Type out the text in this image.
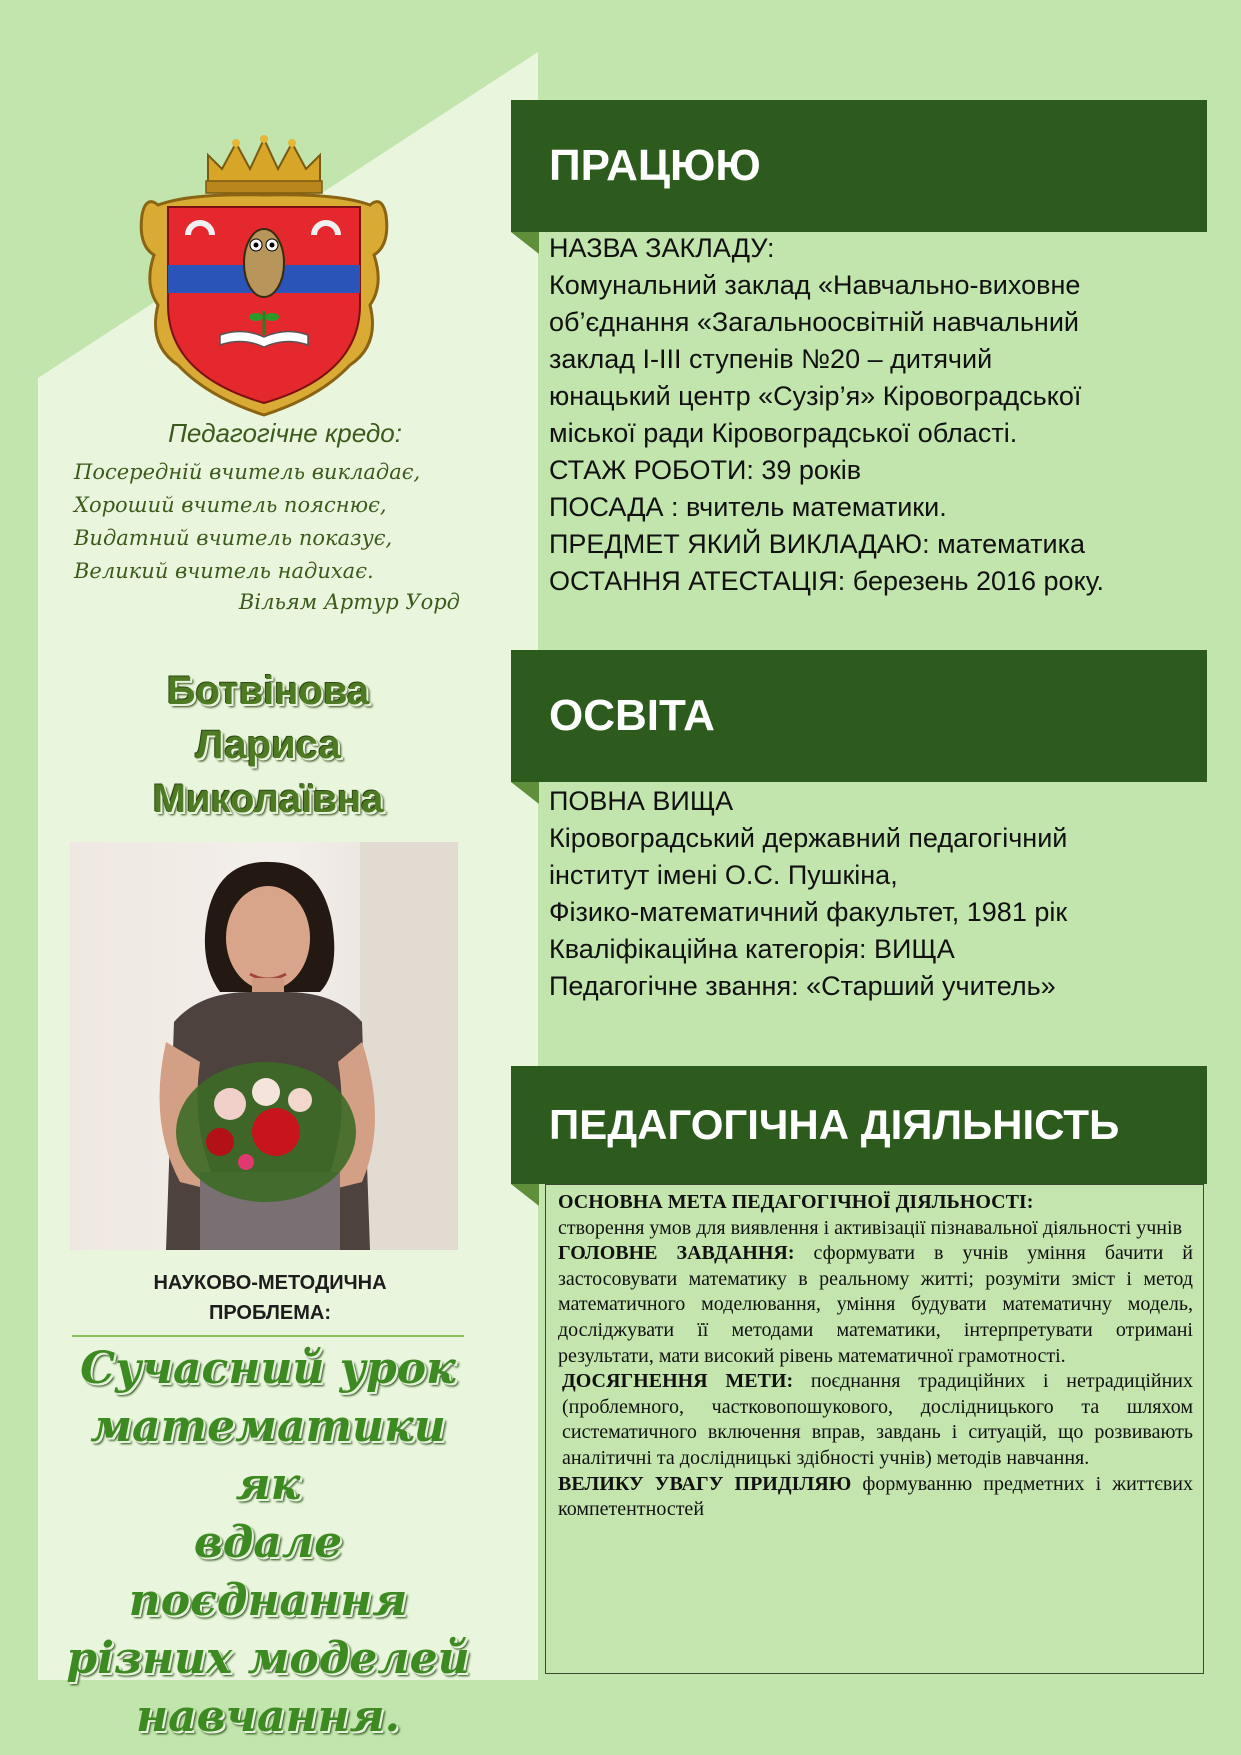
Педагогічне кредо:
Посередній вчитель викладає,
Хороший вчитель пояснює,
Видатний вчитель показує,
Великий вчитель надихає.
Вільям Артур Уорд
Ботвінова
Лариса
Миколаївна
НАУКОВО-МЕТОДИЧНА
ПРОБЛЕМА:
Сучасний урок
математики як
вдале поєднання
різних моделей
навчання.
ПРАЦЮЮ
НАЗВА ЗАКЛАДУ:
Комунальний заклад «Навчально-виховне
об’єднання «Загальноосвітній навчальний
заклад І-ІІІ ступенів №20 – дитячий
юнацький центр «Сузір’я» Кіровоградської
міської ради Кіровоградської області.
СТАЖ РОБОТИ: 39 років
ПОСАДА : вчитель математики.
ПРЕДМЕТ ЯКИЙ ВИКЛАДАЮ: математика
ОСТАННЯ АТЕСТАЦІЯ: березень 2016 року.
ОСВІТА
ПОВНА ВИЩА
Кіровоградський державний педагогічний
інститут імені О.С. Пушкіна,
Фізико-математичний факультет, 1981 рік
Кваліфікаційна категорія: ВИЩА
Педагогічне звання: «Старший учитель»
ПЕДАГОГІЧНА ДІЯЛЬНІСТЬ
ОСНОВНА МЕТА ПЕДАГОГІЧНОЇ ДІЯЛЬНОСТІ:
створення умов для виявлення і активізації пізнавальної діяльності учнів
ГОЛОВНЕ ЗАВДАННЯ: сформувати в учнів уміння бачити й застосовувати математику в реальному житті; розуміти зміст і метод математичного моделювання, уміння будувати математичну модель, досліджувати її методами математики, інтерпретувати отримані результати, мати високий рівень математичної грамотності.
ДОСЯГНЕННЯ МЕТИ: поєднання традиційних і нетрадиційних (проблемного, частковопошукового, дослідницького та шляхом систематичного включення вправ, завдань і ситуацій, що розвивають аналітичні та дослідницькі здібності учнів) методів навчання.
ВЕЛИКУ УВАГУ ПРИДІЛЯЮ формуванню предметних і життєвих компетентностей
